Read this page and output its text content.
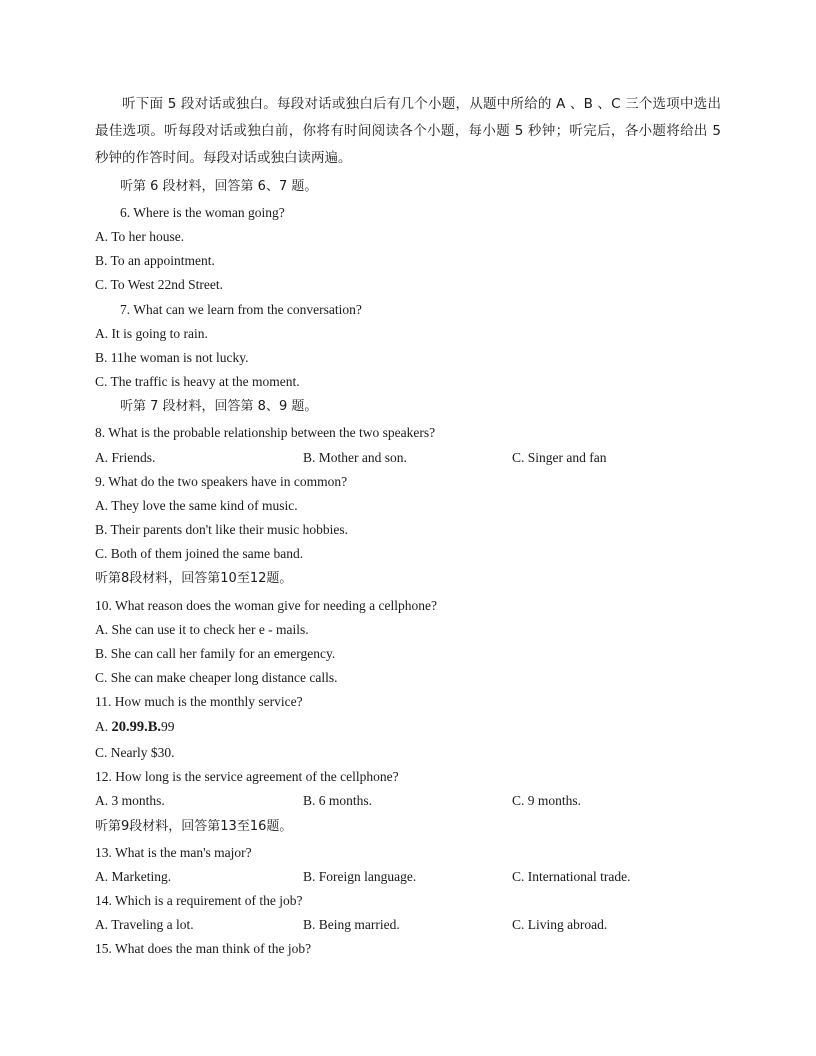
听下面 5 段对话或独白。每段对话或独白后有几个小题，从题中所给的 A 、B 、C 三个选项中选出最佳选项。听每段对话或独白前，你将有时间阅读各个小题，每小题 5 秒钟；听完后，各小题将给出 5 秒钟的作答时间。每段对话或独白读两遍。
听第 6 段材料，回答第 6、7 题。
6. Where is the woman going?
A. To her house.
B. To an appointment.
C. To West 22nd Street.
7. What can we learn from the conversation?
A. It is going to rain.
B. 11he woman is not lucky.
C. The traffic is heavy at the moment.
听第 7 段材料，回答第 8、9 题。
8. What is the probable relationship between the two speakers?
A. Friends.	B. Mother and son.	C. Singer and fan
9. What do the two speakers have in common?
A. They love the same kind of music.
B. Their parents don't like their music hobbies.
C. Both of them joined the same band.
听第8段材料，回答第10至12题。
10. What reason does the woman give for needing a cellphone?
A. She can use it to check her e - mails.
B. She can call her family for an emergency.
C. She can make cheaper long distance calls.
11. How much is the monthly service?
A. 20.99.B.99
C. Nearly $30.
12. How long is the service agreement of the cellphone?
A. 3 months.	B. 6 months.	C. 9 months.
听第9段材料，回答第13至16题。
13. What is the man's major?
A. Marketing.	B. Foreign language.	C. International trade.
14. Which is a requirement of the job?
A. Traveling a lot.	B. Being married.	C. Living abroad.
15. What does the man think of the job?
